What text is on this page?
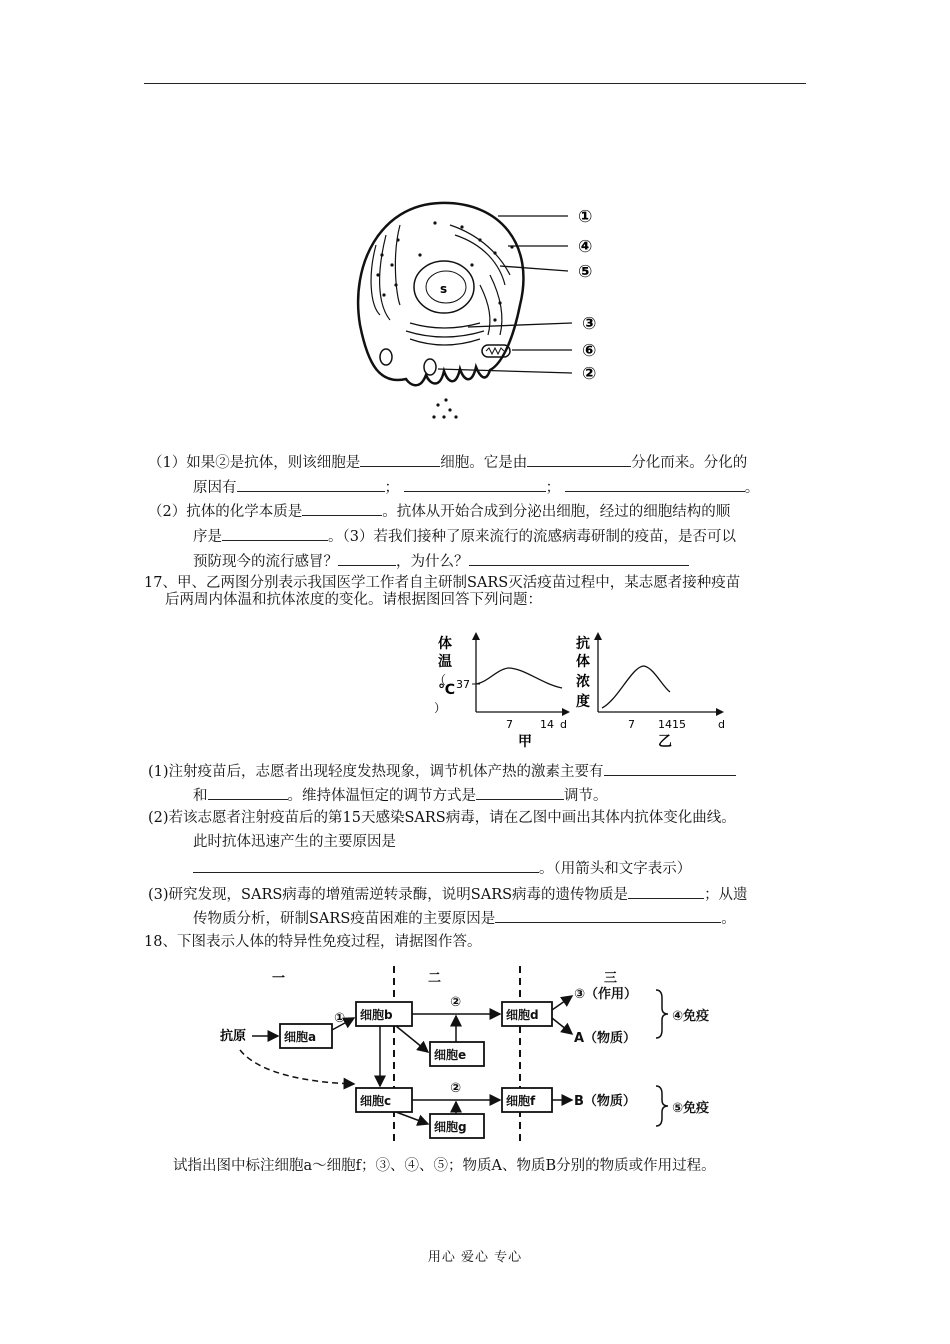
s
①
④
⑤
③
⑥
②
（1）如果②是抗体，则该细胞是	细胞。它是由	分化而来。分化的
原因有	；	；	。
（2）抗体的化学本质是	。抗体从开始合成到分泌出细胞，经过的细胞结构的顺
序是	。（3）若我们接种了原来流行的流感病毒研制的疫苗，是否可以
预防现今的流行感冒？	，为什么？
17、甲、乙两图分别表示我国医学工作者自主研制SARS灭活疫苗过程中，某志愿者接种疫苗
后两周内体温和抗体浓度的变化。请根据图回答下列问题：
体
温
（
℃
）
37
7 14 d
甲
抗
体
浓
度
7 14 15	d
乙
(1)注射疫苗后，志愿者出现轻度发热现象，调节机体产热的激素主要有
和	。维持体温恒定的调节方式是	调节。
(2)若该志愿者注射疫苗后的第15天感染SARS病毒，请在乙图中画出其体内抗体变化曲线。
此时抗体迅速产生的主要原因是
。（用箭头和文字表示）
(3)研究发现，SARS病毒的增殖需逆转录酶，说明SARS病毒的遗传物质是	；从遗
传物质分析，研制SARS疫苗困难的主要原因是	。
18、下图表示人体的特异性免疫过程，请据图作答。
一	二	三
抗原	细胞a
细胞b
细胞c
细胞e
细胞g
细胞d
细胞f
①
②
②
③（作用）
A（物质）
④免疫
B（物质）	⑤免疫
试指出图中标注细胞a～细胞f；③、④、⑤；物质A、物质B分别的物质或作用过程。
用心 爱心 专心
